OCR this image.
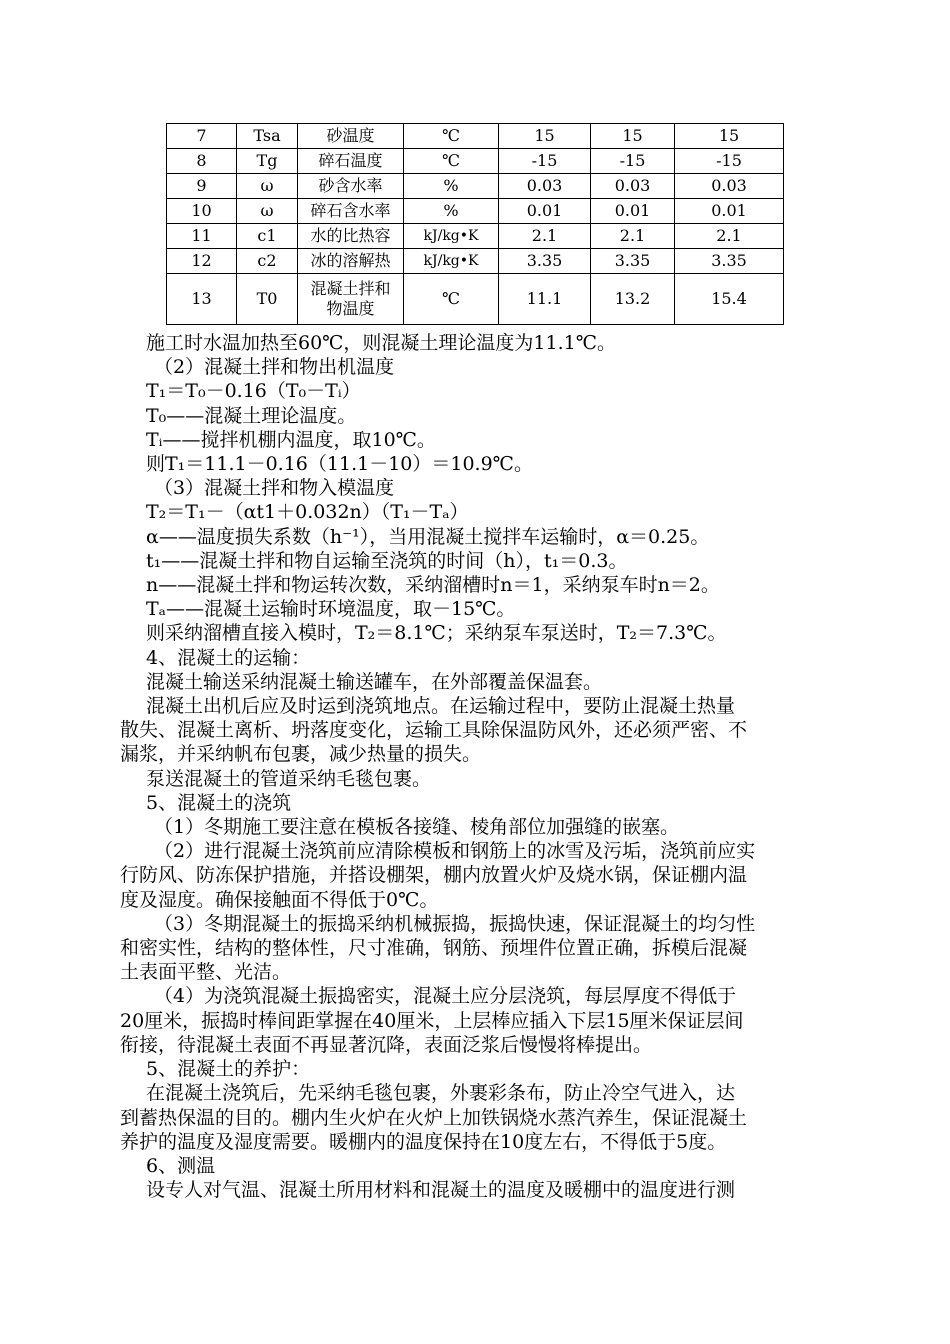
7	Tsa	砂温度	℃	15	15	15
8	Tg	碎石温度	℃	-15	-15	-15
9	ω	砂含水率	%	0.03	0.03	0.03
10	ω	碎石含水率	%	0.01	0.01	0.01
11	c1	水的比热容	kJ/kg•K	2.1	2.1	2.1
12	c2	冰的溶解热	kJ/kg•K	3.35	3.35	3.35
13	T0	混凝土拌和物温度	℃	11.1	13.2	15.4

施工时水温加热至60℃，则混凝土理论温度为11.1℃。

（2）混凝土拌和物出机温度

T₁＝T₀－0.16（T₀－Tᵢ）

T₀——混凝土理论温度。

Tᵢ——搅拌机棚内温度，取10℃。

则T₁＝11.1－0.16（11.1－10）＝10.9℃。

（3）混凝土拌和物入模温度

T₂＝T₁－（αt1＋0.032n）（T₁－Tₐ）

α——温度损失系数（h⁻¹），当用混凝土搅拌车运输时，α＝0.25。

t₁——混凝土拌和物自运输至浇筑的时间（h），t₁＝0.3。

n——混凝土拌和物运转次数，采纳溜槽时n＝1，采纳泵车时n＝2。

Tₐ——混凝土运输时环境温度，取－15℃。

则采纳溜槽直接入模时，T₂＝8.1℃；采纳泵车泵送时，T₂＝7.3℃。

4、混凝土的运输：

混凝土输送采纳混凝土输送罐车，在外部覆盖保温套。

混凝土出机后应及时运到浇筑地点。在运输过程中，要防止混凝土热量

散失、混凝土离析、坍落度变化，运输工具除保温防风外，还必须严密、不

漏浆，并采纳帆布包裹，减少热量的损失。

泵送混凝土的管道采纳毛毯包裹。

5、混凝土的浇筑

（1）冬期施工要注意在模板各接缝、棱角部位加强缝的嵌塞。

（2）进行混凝土浇筑前应清除模板和钢筋上的冰雪及污垢，浇筑前应实

行防风、防冻保护措施，并搭设棚架，棚内放置火炉及烧水锅，保证棚内温

度及湿度。确保接触面不得低于0℃。

（3）冬期混凝土的振捣采纳机械振捣，振捣快速，保证混凝土的均匀性

和密实性，结构的整体性，尺寸准确，钢筋、预埋件位置正确，拆模后混凝

土表面平整、光洁。

（4）为浇筑混凝土振捣密实，混凝土应分层浇筑，每层厚度不得低于

20厘米，振捣时棒间距掌握在40厘米，上层棒应插入下层15厘米保证层间

衔接，待混凝土表面不再显著沉降，表面泛浆后慢慢将棒提出。

5、混凝土的养护：

在混凝土浇筑后，先采纳毛毯包裹，外裹彩条布，防止冷空气进入，达

到蓄热保温的目的。棚内生火炉在火炉上加铁锅烧水蒸汽养生，保证混凝土

养护的温度及湿度需要。暖棚内的温度保持在10度左右，不得低于5度。

6、测温

设专人对气温、混凝土所用材料和混凝土的温度及暖棚中的温度进行测
